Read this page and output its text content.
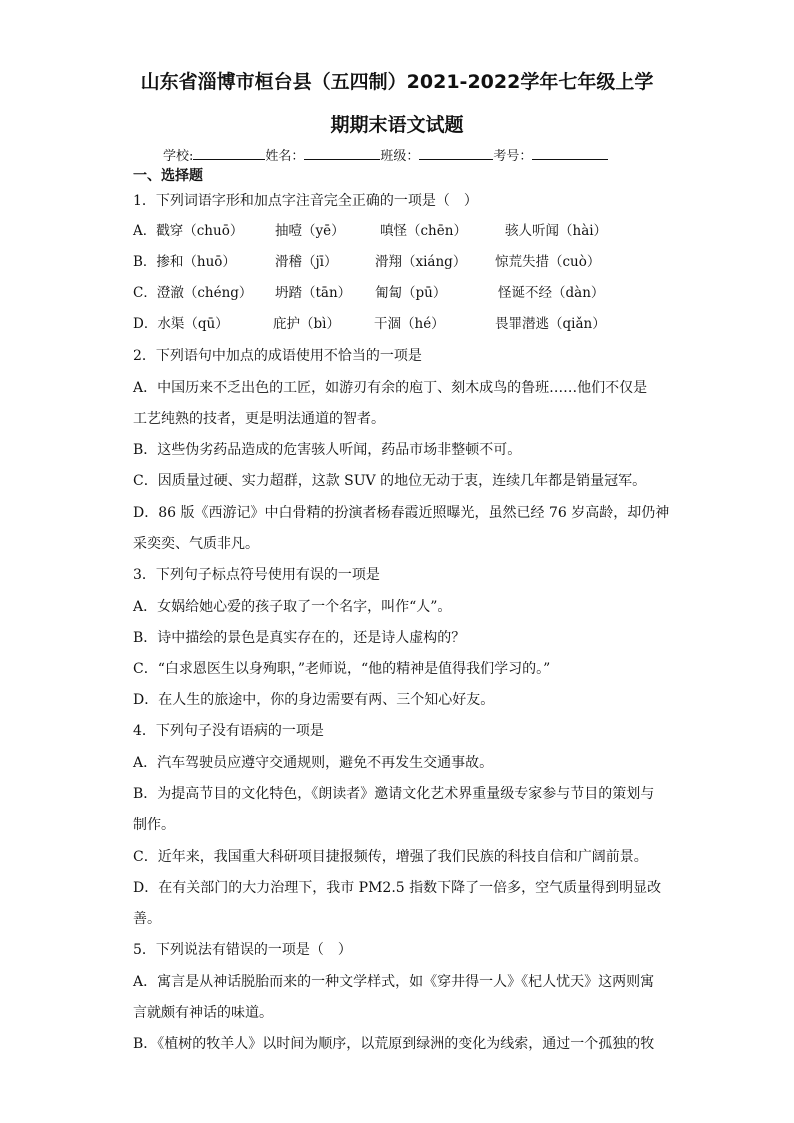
山东省淄博市桓台县（五四制）2021-2022学年七年级上学
期期末语文试题
学校:	姓名：	班级：	考号：
一、选择题
1．下列词语字形和加点字注音完全正确的一项是（　）
A．戳穿（chuō） 抽噎（yē）	嗔怪（chēn）	骇人听闻（hài）
B．掺和（huō）	滑稽（jī）	滑翔（xiáng） 惊荒失措（cuò）
C．澄澈（chéng） 坍踏（tān） 匍匐（pū）	怪诞不经（dàn）
D．水渠（qū）	庇护（bì）	干涸（hé）	畏罪潜逃（qiǎn）
2．下列语句中加点的成语使用不恰当的一项是
A．中国历来不乏出色的工匠，如游刃有余的庖丁、刻木成鸟的鲁班……他们不仅是
工艺纯熟的技者，更是明法通道的智者。
B．这些伪劣药品造成的危害骇人听闻，药品市场非整顿不可。
C．因质量过硬、实力超群，这款 SUV 的地位无动于衷，连续几年都是销量冠军。
D．86 版《西游记》中白骨精的扮演者杨春霞近照曝光，虽然已经 76 岁高龄，却仍神
采奕奕、气质非凡。
3．下列句子标点符号使用有误的一项是
A．女娲给她心爱的孩子取了一个名字，叫作“人”。
B．诗中描绘的景色是真实存在的，还是诗人虚构的？
C．“白求恩医生以身殉职，”老师说，“他的精神是值得我们学习的。”
D．在人生的旅途中，你的身边需要有两、三个知心好友。
4．下列句子没有语病的一项是
A．汽车驾驶员应遵守交通规则，避免不再发生交通事故。
B．为提高节目的文化特色，《朗读者》邀请文化艺术界重量级专家参与节目的策划与
制作。
C．近年来，我国重大科研项目捷报频传，增强了我们民族的科技自信和广阔前景。
D．在有关部门的大力治理下，我市 PM2.5 指数下降了一倍多，空气质量得到明显改
善。
5．下列说法有错误的一项是（　）
A．寓言是从神话脱胎而来的一种文学样式，如《穿井得一人》《杞人忧天》这两则寓
言就颇有神话的味道。
B．《植树的牧羊人》以时间为顺序，以荒原到绿洲的变化为线索，通过一个孤独的牧
